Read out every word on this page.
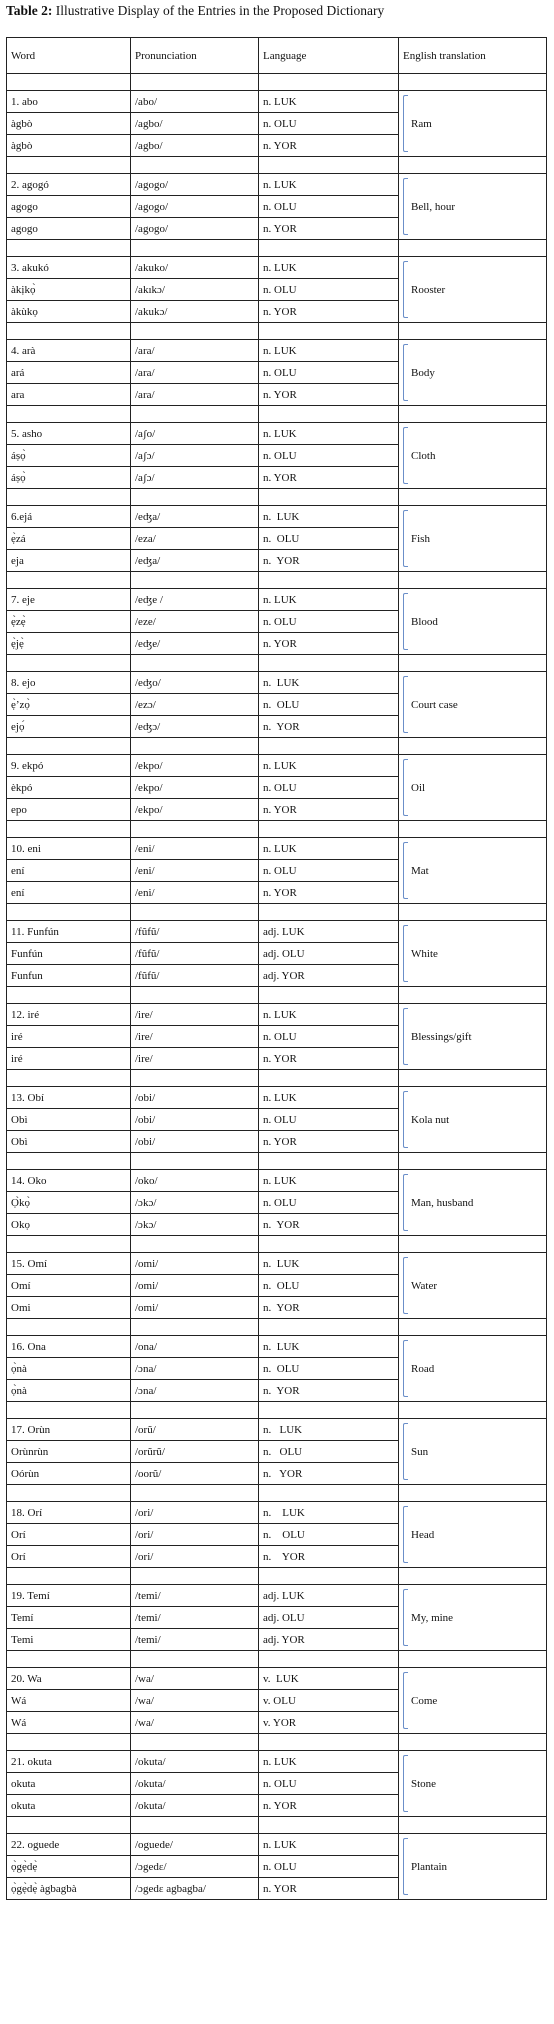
Table 2: Illustrative Display of the Entries in the Proposed Dictionary
Word	Pronunciation	Language	English translation

1. abo	/abo/	n. LUK	Ram
àgbò	/agbo/	n. OLU	
àgbò	/agbo/	n. YOR	

2. agogó	/agogo/	n. LUK	Bell, hour
agogo	/agogo/	n. OLU	
agogo	/agogo/	n. YOR	

3. akukó	/akuko/	n. LUK	Rooster
àkịkọ̀	/akıkɔ/	n. OLU	
àkùkọ	/akukɔ/	n. YOR	

4. arà	/ara/	n. LUK	Body
ará	/ara/	n. OLU	
ara	/ara/	n. YOR	

5. asho	/aʃo/	n. LUK	Cloth
áṣọ̀	/aʃɔ/	n. OLU	
áṣọ̀	/aʃɔ/	n. YOR	

6.ejá	/eʤa/	n.  LUK	Fish
ẹ̀zá	/eza/	n.  OLU	
eja	/eʤa/	n.  YOR	

7. eje	/eʤe /	n. LUK	Blood
ẹ̀zẹ̀	/eze/	n. OLU	
ẹ̀jẹ̀	/eʤe/	n. YOR	

8. ejo	/eʤo/	n.  LUK	Court case
ẹ̀ʼzọ̀	/ezɔ/	n.  OLU	
ejọ́	/eʤɔ/	n.  YOR	

9. ekpó	/ekpo/	n. LUK	Oil
èkpó	/ekpo/	n. OLU	
epo	/ekpo/	n. YOR	

10. eni	/eni/	n. LUK	Mat
ení	/eni/	n. OLU	
ení	/eni/	n. YOR	

11. Funfún	/fũfũ/	adj. LUK	White
Funfún	/fũfũ/	adj. OLU	
Funfun	/fũfũ/	adj. YOR	

12. iré	/ire/	n. LUK	Blessings/gift
iré	/ire/	n. OLU	
iré	/ire/	n. YOR	

13. Obí	/obi/	n. LUK	Kola nut
Obì	/obi/	n. OLU	
Obì	/obi/	n. YOR	

14. Oko	/oko/	n. LUK	Man, husband
Ọ̀kọ̀	/ɔkɔ/	n. OLU	
Okọ	/ɔkɔ/	n.  YOR	

15. Omí	/omi/	n.  LUK	Water
Omí	/omi/	n.  OLU	
Omi	/omi/	n.  YOR	

16. Ona	/ona/	n.  LUK	Road
ọ̀nà	/ɔna/	n.  OLU	
ọ̀nà	/ɔna/	n.  YOR	

17. Orùn	/orũ/	n.   LUK	Sun
Orùnrùn	/orũrũ/	n.   OLU	
Oórùn	/oorũ/	n.   YOR	

18. Orí	/ori/	n.    LUK	Head
Orí	/ori/	n.    OLU	
Orí	/ori/	n.    YOR	

19. Temí	/temi/	adj. LUK	My, mine
Temí	/temi/	adj. OLU	
Temi	/temi/	adj. YOR	

20. Wa	/wa/	v.  LUK	Come
Wá	/wa/	v. OLU	
Wá	/wa/	v. YOR	

21. okuta	/okuta/	n. LUK	Stone
okuta	/okuta/	n. OLU	
okuta	/okuta/	n. YOR	

22. oguede	/oguede/	n. LUK	Plantain
ọ̀gẹ̀dẹ̀	/ɔgedɛ/	n. OLU	
ọ̀gẹ̀dẹ̀ àgbagbà	/ɔgedɛ agbagba/	n. YOR	
